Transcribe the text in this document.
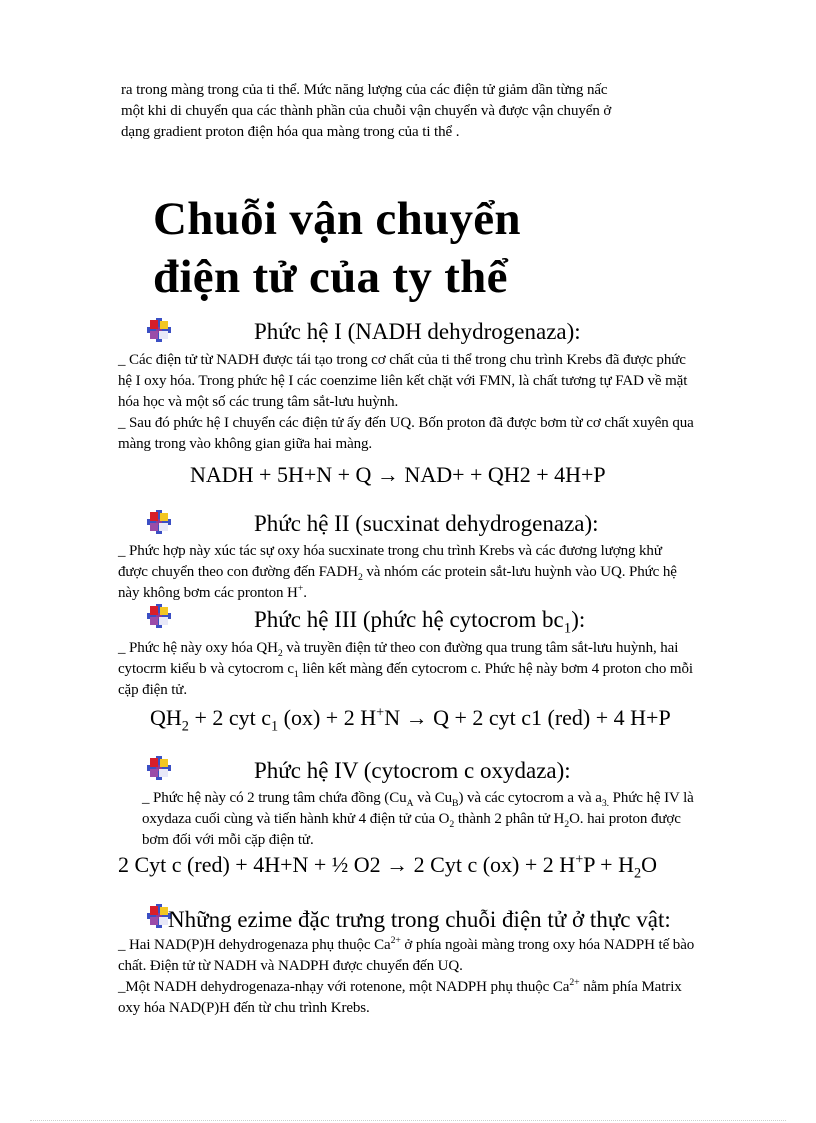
ra trong màng trong của ti thể. Mức năng lượng của các điện tử giảm dần từng nấc
một khi di chuyển qua các thành phần của chuỗi vận chuyển và được vận chuyển ở
dạng gradient proton điện hóa qua màng trong của ti thể .
Chuỗi vận chuyển
điện tử của ty thể
Phức hệ I (NADH dehydrogenaza):
_ Các điện tử từ NADH được tái tạo trong cơ chất của ti thể trong chu trình Krebs đã được phức hệ I oxy hóa. Trong phức hệ I các coenzime liên kết chặt với FMN, là chất tương tự FAD về mặt hóa học và một số các trung tâm sắt-lưu huỳnh.
_ Sau đó phức hệ I chuyển các điện tử ấy đến UQ. Bốn proton đã được bơm từ cơ chất xuyên qua màng trong vào không gian giữa hai màng.
NADH + 5H+N + Q → NAD+ + QH2 + 4H+P
Phức hệ II (sucxinat dehydrogenaza):
_ Phức hợp này xúc tác sự oxy hóa sucxinate trong chu trình Krebs và các đương lượng khử được chuyển theo con đường đến $FADH_2$ và nhóm các protein sắt-lưu huỳnh vào UQ. Phức hệ này không bơm các pronton H+.
Phức hệ III (phức hệ cytocrom $bc_1$):
_ Phức hệ này oxy hóa $QH_2$ và truyền điện tử theo con đường qua trung tâm sắt-lưu huỳnh, hai cytocrm kiểu b và cytocrom $c_1$ liên kết màng đến cytocrom c. Phức hệ này bơm 4 proton cho mỗi cặp điện tử.
$QH_2 + 2$ cyt $c_1$ (ox) + 2 H+N → Q + 2 cyt c1 (red) + 4 H+P
Phức hệ IV (cytocrom c oxydaza):
_ Phức hệ này có 2 trung tâm chứa đồng ($Cu_A$ và $Cu_B$) và các cytocrom a và $a_{3.}$ Phức hệ IV là oxydaza cuối cùng và tiến hành khử 4 điện tử của $O_2$ thành 2 phân tử $H_2O$. hai proton được bơm đối với mỗi cặp điện tử.
2 Cyt c (red) + 4H+N + ½ O2 → 2 Cyt c (ox) + 2 $H^+P + H_2O$
Những ezime đặc trưng trong chuỗi điện tử ở thực vật:
_ Hai NAD(P)H dehydrogenaza phụ thuộc $Ca^{2+}$ ở phía ngoài màng trong oxy hóa NADPH tế bào chất. Điện tử từ NADH và NADPH được chuyển đến UQ.
_Một NADH dehydrogenaza-nhạy với rotenone, một NADPH phụ thuộc $Ca^{2+}$ nằm phía Matrix oxy hóa NAD(P)H đến từ chu trình Krebs.
